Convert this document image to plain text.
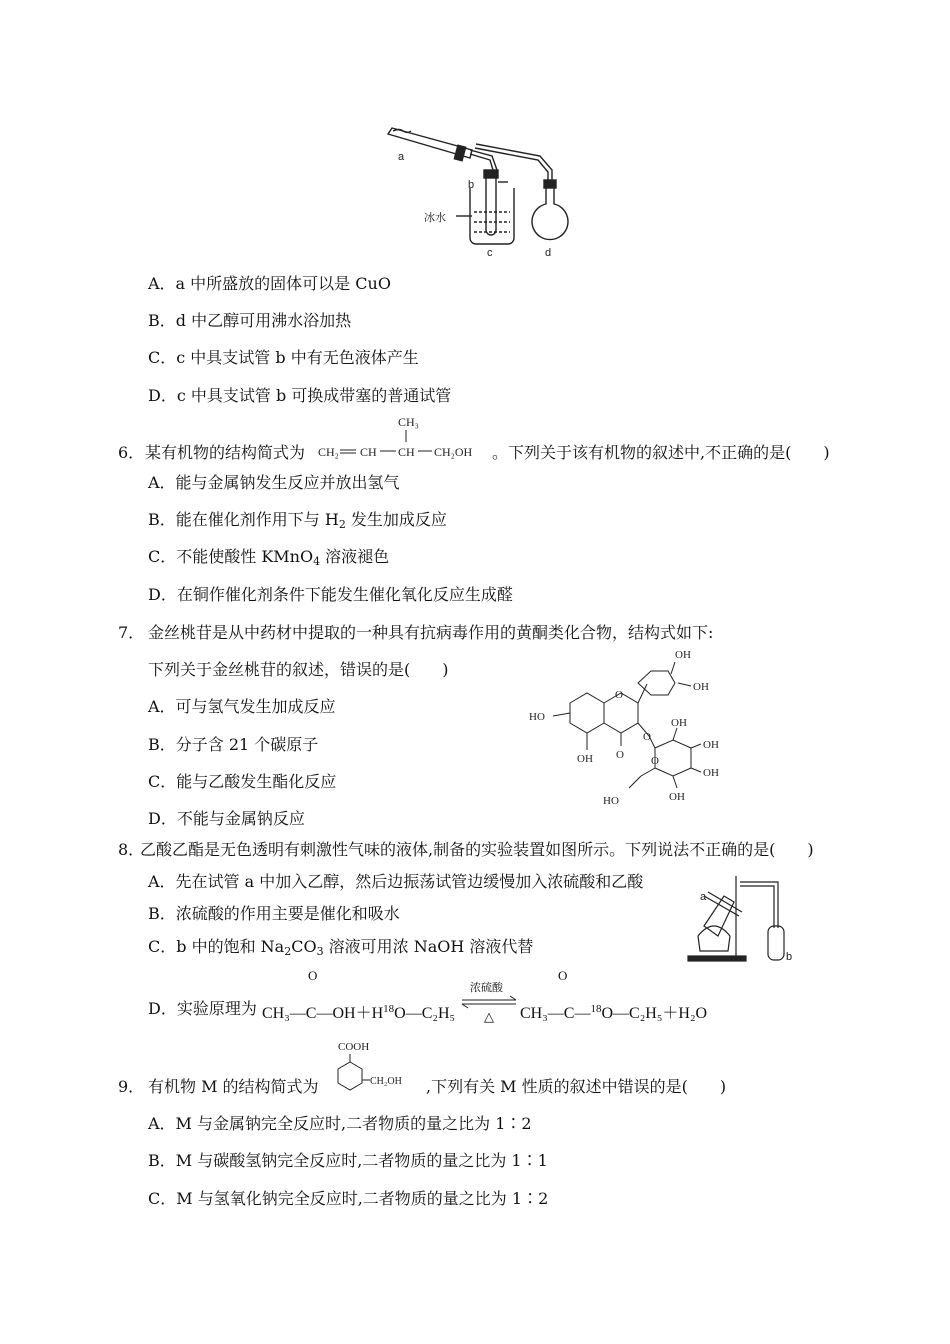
a
b
c	d
冰水
A．a 中所盛放的固体可以是 CuO
B．d 中乙醇可用沸水浴加热
C．c 中具支试管 b 中有无色液体产生
D．c 中具支试管 b 可换成带塞的普通试管
6． 某有机物的结构简式为
CH₃
CH₂ CH CH CH₂OH 。下列关于该有机物的叙述中,不正确的是(　　)
A．能与金属钠发生反应并放出氢气
B．能在催化剂作用下与 $H_2$ 发生加成反应
C．不能使酸性 KMnO$_4$ 溶液褪色
D．在铜作催化剂条件下能发生催化氧化反应生成醛
7． 金丝桃苷是从中药材中提取的一种具有抗病毒作用的黄酮类化合物，结构式如下:
下列关于金丝桃苷的叙述，错误的是(　　)
A．可与氢气发生加成反应
B．分子含 21 个碳原子
C．能与乙酸发生酯化反应
D．不能与金属钠反应
OH
OH
HO
O
OH O
O
OH
OH
OH
OH
HO
O
8．
乙酸乙酯是无色透明有刺激性气味的液体,制备的实验装置如图所示。下列说法不正确的是(　　)
A．先在试管 a 中加入乙醇，然后边振荡试管边缓慢加入浓硫酸和乙酸
B．浓硫酸的作用主要是催化和吸水
C．b 中的饱和 $Na_2CO_3$ 溶液可用浓 NaOH 溶液代替
D．实验原理为 $CH_3—C—OH+H^{18}O—C_2H_5$
O
浓硫酸
△ CH₃—C—$^{18}$O—C₂H₅＋H₂O
O
a
b
9． 有机物 M 的结构简式为
COOH
CH₂OH ,下列有关 M 性质的叙述中错误的是(　　)
A．M 与金属钠完全反应时,二者物质的量之比为 1∶2
B．M 与碳酸氢钠完全反应时,二者物质的量之比为 1∶1
C．M 与氢氧化钠完全反应时,二者物质的量之比为 1∶2
